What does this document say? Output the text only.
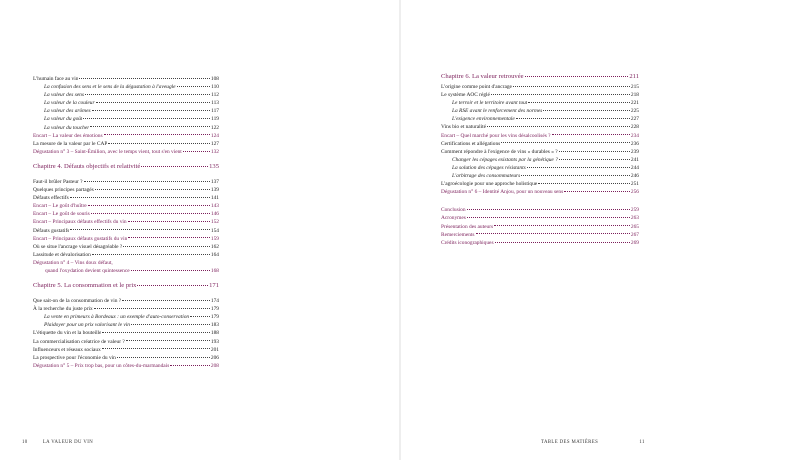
L'humain face au vin	108
La confusion des sens et le sens de la dégustation à l'aveugle	110
La valeur des sens	112
La valeur de la couleur	113
La valeur des arômes	117
La valeur du goût	119
La valeur du toucher	122
Encart – La valeur des émotions	124
La mesure de la valeur par le CAP	127
Dégustation n° 3 – Saint-Émilion, avec le temps vient, tout s'en vient	132
Chapitre 4. Défauts objectifs et relativité	135
Faut-il brûler Pasteur ?	137
Quelques principes partagés	139
Défauts effectifs	141
Encart – Le goût d'huître	143
Encart – Le goût de souris	146
Encart – Principaux défauts effectifs du vin	152
Défauts gustatifs	154
Encart – Principaux défauts gustatifs du vin	159
Où se situe l'ancrage visuel désagréable ?	162
Lassitude et dévalorisation	164
Dégustation n° 4 – Vins doux défaut,
quand l'oxydation devient quintessence	168
Chapitre 5. La consommation et le prix	171
Que sait-on de la consommation de vin ?	174
À la recherche du juste prix	179
La vente en primeurs à Bordeaux : un exemple d'auto-conservation	179
Plaidoyer pour un prix valorisant le vin	183
L'étiquette du vin et la bouteille	188
La commercialisation créatrice de valeur ?	193
Influenceurs et réseaux sociaux	201
La prospective pour l'économie du vin	206
Dégustation n° 5 – Prix trop bas, pour un côtes-du-marmandais	208
10	LA VALEUR DU VIN
Chapitre 6. La valeur retrouvée	211
L'origine comme point d'ancrage	215
Le système AOC réglé	218
Le terroir et le territoire avant tout	221
La RSE avant le renforcement des normes	225
L'exigence environnementale	227
Vins bio et naturalité	228
Encart – Quel marché pour les vins désalcoolisés ?	234
Certifications et allégations	236
Comment répondre à l'exigence de vins « durables » ?	239
Changer les cépages existants par la génétique ?	241
La solution des cépages résistants	244
L'arbitrage des consommateurs	246
L'agroécologie pour une approche holistique	251
Dégustation n° 6 – Identité Anjou, pour un nouveau sens	256
Conclusion	259
Acronymes	263
Présentation des auteurs	265
Remerciements	267
Crédits iconographiques	269
TABLE DES MATIÈRES	11
